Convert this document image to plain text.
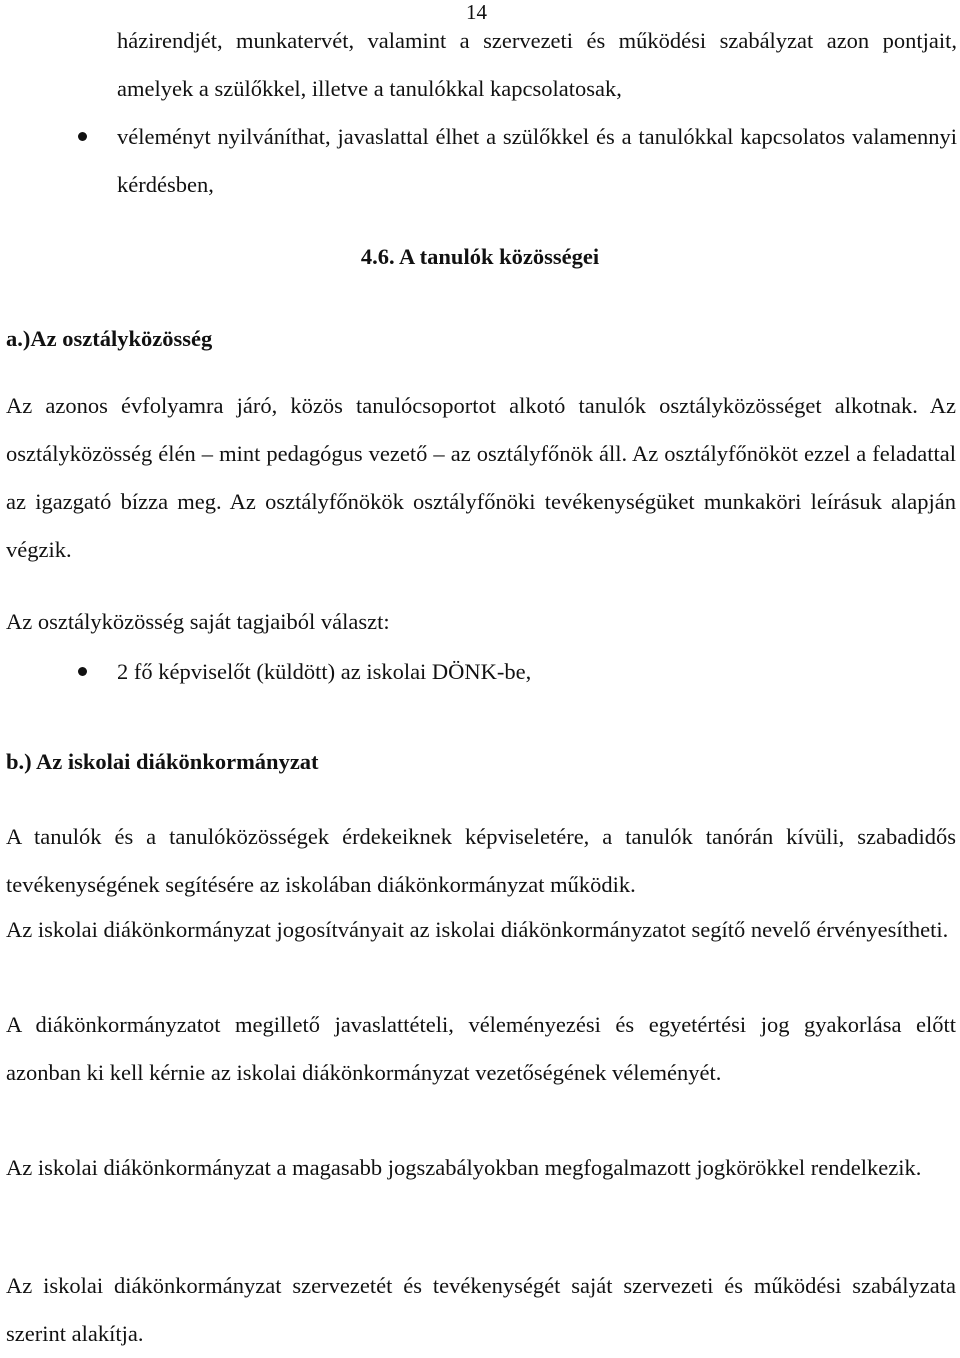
14

házirendjét, munkatervét, valamint a szervezeti és működési szabályzat azon pontjait, amelyek a szülőkkel, illetve a tanulókkal kapcsolatosak,

véleményt nyilváníthat, javaslattal élhet a szülőkkel és a tanulókkal kapcsolatos valamennyi kérdésben,

4.6. A tanulók közösségei

a.)Az osztályközösség

Az azonos évfolyamra járó, közös tanulócsoportot alkotó tanulók osztályközösséget alkotnak. Az osztályközösség élén – mint pedagógus vezető – az osztályfőnök áll. Az osztályfőnököt ezzel a feladattal az igazgató bízza meg. Az osztályfőnökök osztályfőnöki tevékenységüket munkaköri leírásuk alapján végzik.

Az osztályközösség saját tagjaiból választ:

2 fő képviselőt (küldött) az iskolai DÖNK-be,

b.) Az iskolai diákönkormányzat

A tanulók és a tanulóközösségek érdekeiknek képviseletére, a tanulók tanórán kívüli, szabadidős tevékenységének segítésére az iskolában diákönkormányzat működik.

Az iskolai diákönkormányzat jogosítványait az iskolai diákönkormányzatot segítő nevelő érvényesítheti.

A diákönkormányzatot megillető javaslattételi, véleményezési és egyetértési jog gyakorlása előtt azonban ki kell kérnie az iskolai diákönkormányzat vezetőségének véleményét.

Az iskolai diákönkormányzat a magasabb jogszabályokban megfogalmazott jogkörökkel rendelkezik.

Az iskolai diákönkormányzat szervezetét és tevékenységét saját szervezeti és működési szabályzata szerint alakítja.
